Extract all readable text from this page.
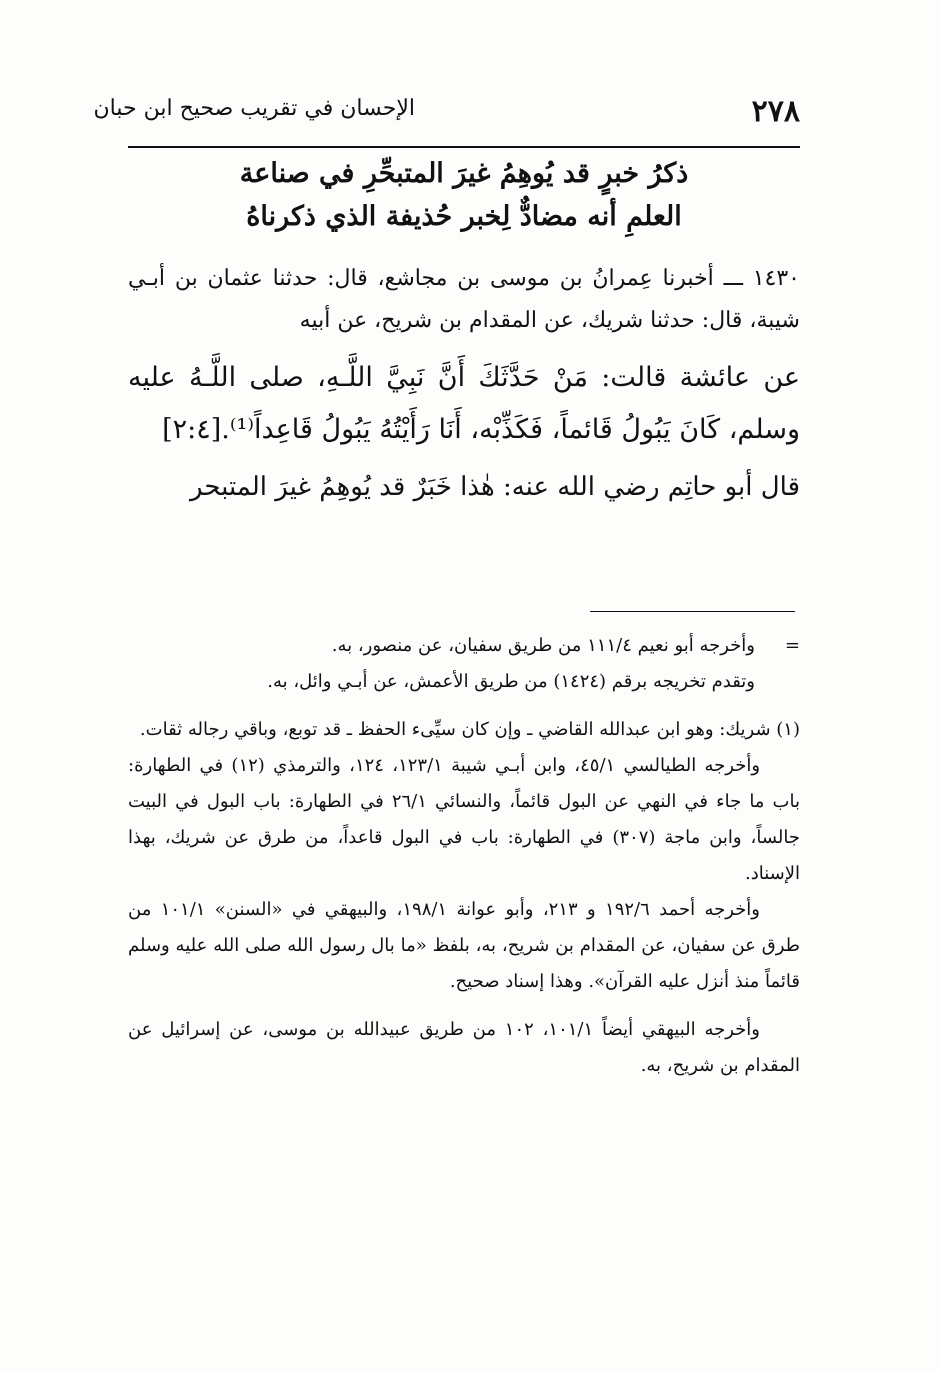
٢٧٨
الإحسان في تقريب صحيح ابن حبان
ذكرُ خبرٍ قد يُوهِمُ غيرَ المتبحِّرِ في صناعة
العلمِ أنه مضادٌّ لِخبر حُذيفة الذي ذكرناهُ

١٤٣٠ ـــ أخبرنا عِمرانُ بن موسى بن مجاشع، قال: حدثنا عثمان بن أبـي شيبة، قال: حدثنا شريك، عن المقدام بن شريح، عن أبيه

عن عائشة قالت: مَنْ حَدَّثَكَ أَنَّ نَبِيَّ اللَّـهِ، صلى اللَّـهُ عليه وسلم، كَانَ يَبُولُ قَائماً، فَكَذِّبْه، أَنَا رَأَيْتُهُ يَبُولُ قَاعِداً⁽¹⁾.[٢:٤]

قال أبو حاتِم رضي الله عنه: هٰذا خَبَرٌ قد يُوهِمُ غيرَ المتبحر

=
وأخرجه أبو نعيم ١١١/٤ من طريق سفيان، عن منصور، به.

وتقدم تخريجه برقم (١٤٢٤) من طريق الأعمش، عن أبـي وائل، به.

(١) شريك: وهو ابن عبدالله القاضي ـ وإن كان سيِّىء الحفظ ـ قد توبع، وباقي رجاله ثقات.

وأخرجه الطيالسي ٤٥/١، وابن أبـي شيبة ١٢٣/١، ١٢٤، والترمذي (١٢) في الطهارة: باب ما جاء في النهي عن البول قائماً، والنسائي ٢٦/١ في الطهارة: باب البول في البيت جالساً، وابن ماجة (٣٠٧) في الطهارة: باب في البول قاعداً، من طرق عن شريك، بهذا الإسناد.

وأخرجه أحمد ١٩٢/٦ و ٢١٣، وأبو عوانة ١٩٨/١، والبيهقي في «السنن» ١٠١/١ من طرق عن سفيان، عن المقدام بن شريح، به، بلفظ «ما بال رسول الله صلى الله عليه وسلم قائماً منذ أنزل عليه القرآن». وهذا إسناد صحيح.

وأخرجه البيهقي أيضاً ١٠١/١، ١٠٢ من طريق عبيدالله بن موسى، عن إسرائيل عن المقدام بن شريح، به.
